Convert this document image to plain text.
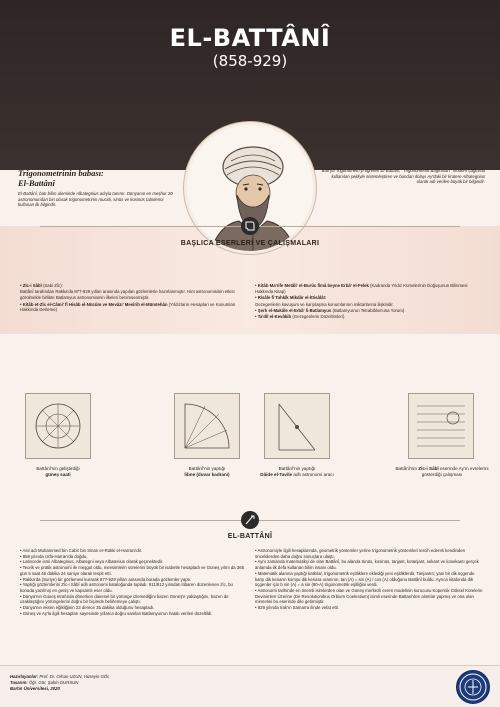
EL-BATTÂNÎ
(858-929)
Trigonometrinin babası:
El-Battânî
El-Battânî, batı bilim aleminde Albategnius adıyla tanınır. Dünyanın en meşhur 20 astronomundan biri olarak trigonometrinin mucidi, sinüs ve kosinüs tabirlerini kullanan ilk bilgindir.
Batı'ya Trigonometri'yi öğreten El-Battânî, "Trigonometrik Bağıntıları" modern çağlarda kullanılan şekliyle sistemleştiren ve bundan dolayı Ay'daki bir kratere Albategnius olarak adı verilen büyük bir bilgindir.
BAŞLICA ESERLERİ VE ÇALIŞMALARI
• Zîc-i Sâbî (Sabi Zîc):
Battânî tarafından Rakka'da 877-929 yılları arasında yapılan gözlemlerle hazırlanmıştır. Hint astronomisinin etkisi görülmekle birlikte Batlamyus astronomisinin ilkeleri benimsenmiştir.
• Kitâb et-Zîc el-Câmi' fî Hisâb el-Nücûm ve Mevâzı' Mesîrih el-Mümtehân (Yıldızların Hesapları ve Konumları Hakkında Derleme)
• Kitâb Ma'rife Metâli' el-Burûc fîmâ beyne Erbâ' el-Felek (Kadranda Yıldız Kümelerinin Doğuşunun Bilinmesi Hakkında Kitap)
• Risâle fî Tahkîk Mikdâr el-İttisâlât:
Gezegenlerin kavuşum ve karşılaşma konumlarının miktarlarına ilişkindir.
• Şerh el-Makâle el-Erbâ' li-Batlamyus (Batlamyus'un Tetrabiblos'una Yorum)
• Ta'dîl el-Kevâkib (Gezegenlerin Düzeltimleri)
Battânî'nin geliştirdiği
güneş saati
Battânî'nin yaptığı
libne (duvar kadranı)
Battânî'nin yaptığı
Dâide el-Tavile adlı astronomi aracı
Battânî'nin Zîc-i Sâbî eserinde Ay'ın evrelerini gösterdiği çalışması
EL-BATTÂNÎ
• Asıl adı Muhammed bin Cabir bin Sinan er-Rakki el-Harrani'dir.
• 858 yılında Urfa-Harran'da doğdu.
• Latincede ismi Albategnius, Albategni veya Albatenius olarak geçmektedir.
• Teorik ve pratik astronomi ile meşgul oldu, mevsimlerin sürelerini büyük bir isabetle hesapladı ve Güneş yılını da 365 gün 5 saat 46 dakika 24 saniye olarak tespit etti.
• Rakka'da (Suriye) bir gözlemevi kurarak 877-929 yılları arasında burada gözlemler yaptı.
• Yaptığı gözlemlerini Zîc-i Sâbî adlı astronomi kataloğunda topladı. 911/912 yılından itibaren düzenlenen zîc, bu konuda yazılmış en geniş ve kapsamlı eser oldu.
• Dünya'nın Güneş etrafında dönerken dairesel bir yörünge izlemediğini bazen Güneş'e yaklaştığını, bazen de uzaklaştığını yörüngelerini doğru bir biçimde belirlemeye çalıştı.
• Dünya'nın eksen eğikliğinin 23 derece 35 dakika olduğunu hesapladı.
• Güneş ve Ay'la ilgili hesapları sayesinde yıllarca doğru sanılan Batlamyus'un hatalı verileri düzeltildi.
• Astronomiyle ilgili hesaplarında, geometrik yöntemler yerine trigonometrik yöntemleri tercih ederek kendinden öncekilerden daha doğru sonuçlara ulaştı.
• Aynı zamanda matematikçi de olan Battânî, bu alanda Sinüs, kosinüs, tanjant, kotanjant, sekant ve kosekantı gerçek anlamda ilk defa kullanan bilim insanı oldu.
• Matematik alanına yaptığı katkılar, trigonometrik eşitliklere eklediği yeni eşitliklerdir. Tanjantın; yani bir dik üçgende karşı dik kenarın komşu dik kenara oranının, tan (A) = sin (A) / cos (A) olduğunu Battânî buldu. Ayrıca kitabında dik üçgenler için b sin (A) = a sin (90-A) trigonometrik eşitliğini verdi.
• Astronomi tarihinde en önemli isimlerden olan ve Güneş merkezli evren modelinin kurucusu Kopernik Göksel Kürelerin Devinimleri Üzerine (De Revolutionibus Orbium Coelestium) isimli eserinde Battani'den alıntılar yapmış ve ona olan minnetini bu eserinde dile getirmiştir.
• 929 yılında Irak'ın Samarra ilinde vefat etti.
Hazırlayanlar: Prof. Dr. Orhan UZUN, Hüseyin GÖL
Tasarım: Öğr. Gör. Şahin DURSUN
Bartın Üniversitesi, 2020
